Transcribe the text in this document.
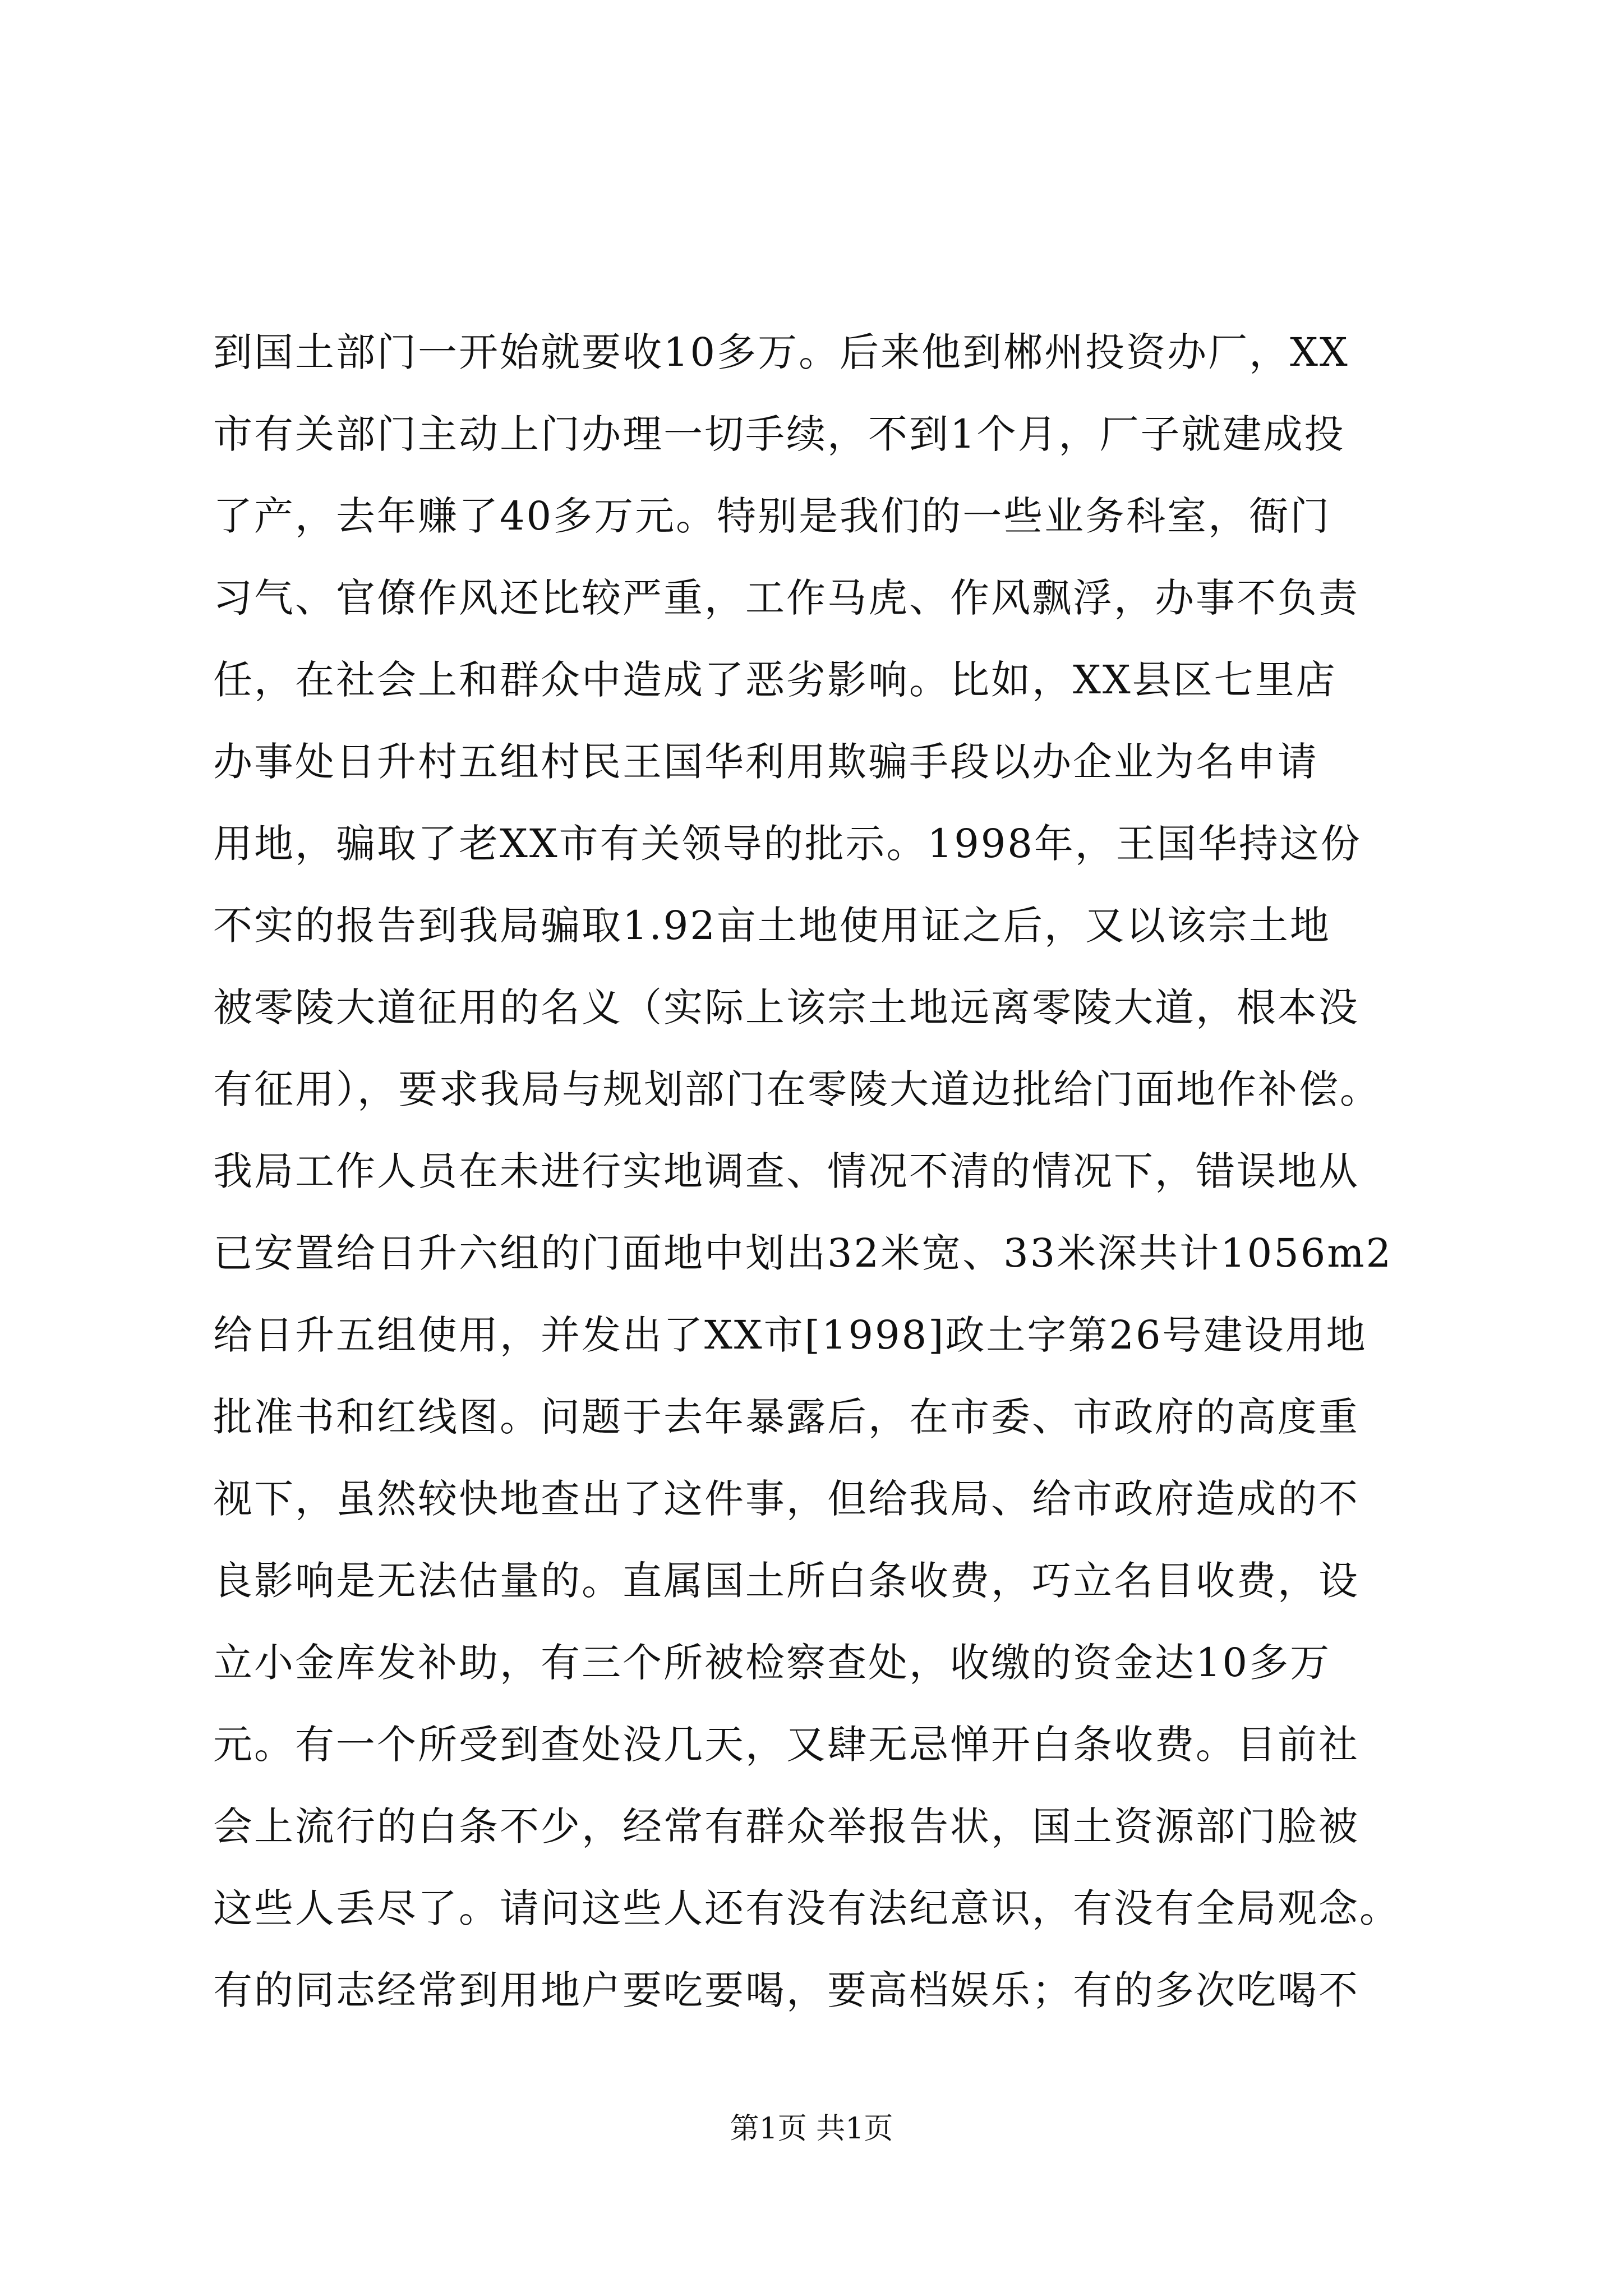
到国土部门一开始就要收10多万。后来他到郴州投资办厂，XX
市有关部门主动上门办理一切手续，不到1个月，厂子就建成投
了产，去年赚了40多万元。特别是我们的一些业务科室，衙门
习气、官僚作风还比较严重，工作马虎、作风飘浮，办事不负责
任，在社会上和群众中造成了恶劣影响。比如，XX县区七里店
办事处日升村五组村民王国华利用欺骗手段以办企业为名申请
用地，骗取了老XX市有关领导的批示。1998年，王国华持这份
不实的报告到我局骗取1.92亩土地使用证之后，又以该宗土地
被零陵大道征用的名义（实际上该宗土地远离零陵大道，根本没
有征用），要求我局与规划部门在零陵大道边批给门面地作补偿。
我局工作人员在未进行实地调查、情况不清的情况下，错误地从
已安置给日升六组的门面地中划出32米宽、33米深共计1056m2
给日升五组使用，并发出了XX市[1998]政土字第26号建设用地
批准书和红线图。问题于去年暴露后，在市委、市政府的高度重
视下，虽然较快地查出了这件事，但给我局、给市政府造成的不
良影响是无法估量的。直属国土所白条收费，巧立名目收费，设
立小金库发补助，有三个所被检察查处，收缴的资金达10多万
元。有一个所受到查处没几天，又肆无忌惮开白条收费。目前社
会上流行的白条不少，经常有群众举报告状，国土资源部门脸被
这些人丢尽了。请问这些人还有没有法纪意识，有没有全局观念。
有的同志经常到用地户要吃要喝，要高档娱乐；有的多次吃喝不
第1页 共1页
